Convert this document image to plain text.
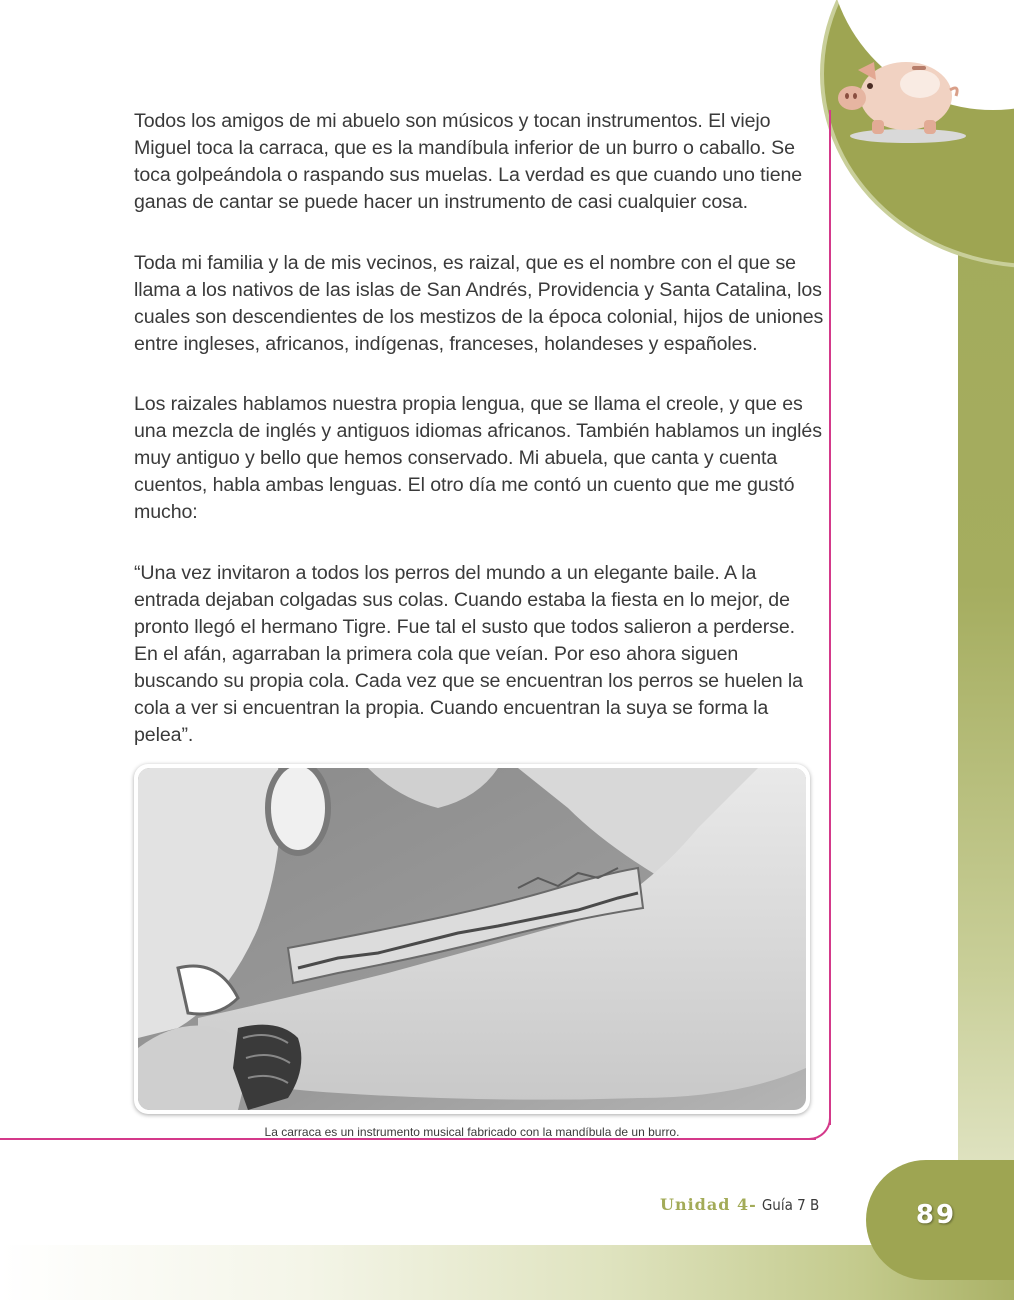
Todos los amigos de mi abuelo son músicos y tocan instrumentos. El viejo Miguel toca la carraca, que es la mandíbula inferior de un burro o caballo. Se toca golpeándola o raspando sus muelas. La verdad es que cuando uno tiene ganas de cantar se puede hacer un instrumento de casi cualquier cosa.

Toda mi familia y la de mis vecinos, es raizal, que es el nombre con el que se llama a los nativos de las islas de San Andrés, Providencia y Santa Catalina, los cuales son descendientes de los mestizos de la época colonial, hijos de uniones entre ingleses, africanos, indígenas, franceses, holandeses y españoles.

Los raizales hablamos nuestra propia lengua, que se llama el creole, y que es una mezcla de inglés y antiguos idiomas africanos. También hablamos un inglés muy antiguo y bello que hemos conservado. Mi abuela, que canta y cuenta cuentos, habla ambas lenguas. El otro día me contó un cuento que me gustó mucho:

“Una vez invitaron a todos los perros del mundo a un elegante baile. A la entrada dejaban colgadas sus colas. Cuando estaba la fiesta en lo mejor, de pronto llegó el hermano Tigre. Fue tal el susto que todos salieron a perderse. En el afán, agarraban la primera cola que veían. Por eso ahora siguen buscando su propia cola. Cada vez que se encuentran los perros se huelen la cola a ver si encuentran la propia. Cuando encuentran la suya se forma la pelea”.

La carraca es un instrumento musical fabricado con la mandíbula de un burro.
Unidad 4- Guía 7 B	89
